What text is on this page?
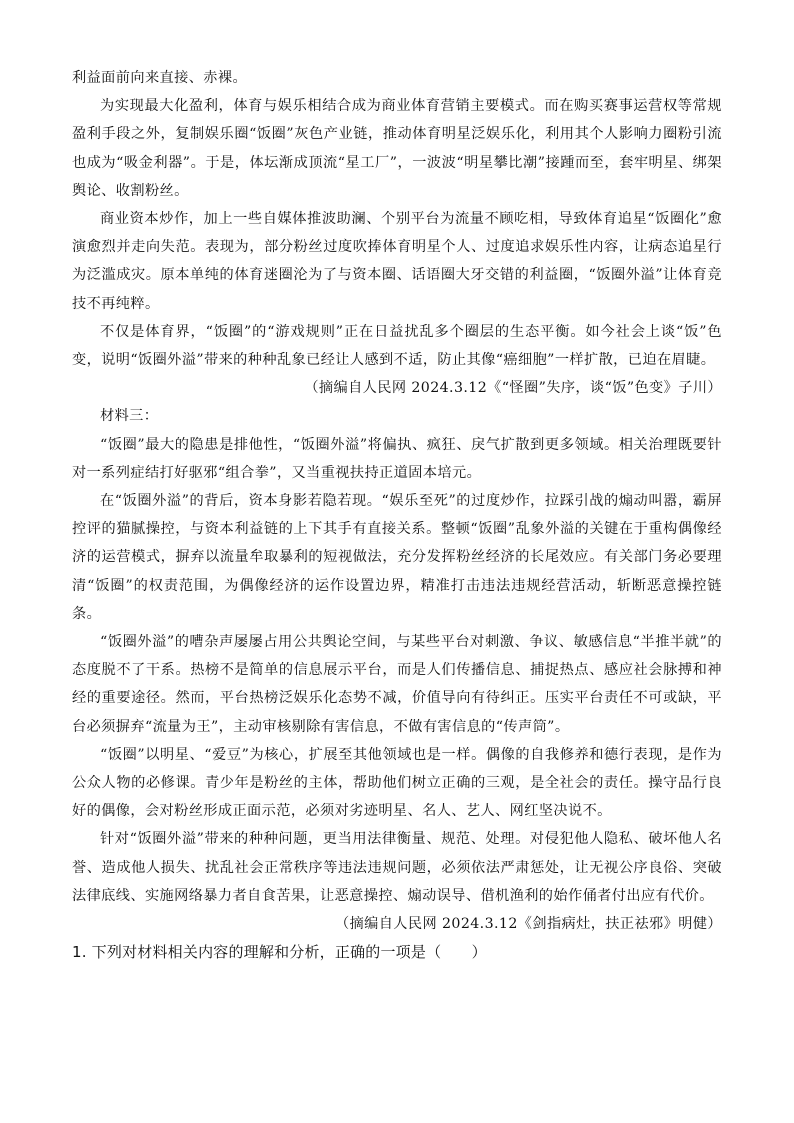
利益面前向来直接、赤裸。

为实现最大化盈利，体育与娱乐相结合成为商业体育营销主要模式。而在购买赛事运营权等常规盈利手段之外，复制娱乐圈“饭圈”灰色产业链，推动体育明星泛娱乐化，利用其个人影响力圈粉引流也成为“吸金利器”。于是，体坛渐成顶流“星工厂”，一波波“明星攀比潮”接踵而至，套牢明星、绑架舆论、收割粉丝。

商业资本炒作，加上一些自媒体推波助澜、个别平台为流量不顾吃相，导致体育追星“饭圈化”愈演愈烈并走向失范。表现为，部分粉丝过度吹捧体育明星个人、过度追求娱乐性内容，让病态追星行为泛滥成灾。原本单纯的体育迷圈沦为了与资本圈、话语圈大牙交错的利益圈，“饭圈外溢”让体育竞技不再纯粹。

不仅是体育界，“饭圈”的“游戏规则”正在日益扰乱多个圈层的生态平衡。如今社会上谈“饭”色变，说明“饭圈外溢”带来的种种乱象已经让人感到不适，防止其像“癌细胞”一样扩散，已迫在眉睫。

（摘编自人民网 2024.3.12《“怪圈”失序，谈“饭”色变》子川）

材料三：

“饭圈”最大的隐患是排他性，“饭圈外溢”将偏执、疯狂、戾气扩散到更多领域。相关治理既要针对一系列症结打好驱邪“组合拳”，又当重视扶持正道固本培元。

在“饭圈外溢”的背后，资本身影若隐若现。“娱乐至死”的过度炒作，拉踩引战的煽动叫嚣，霸屏控评的猫腻操控，与资本利益链的上下其手有直接关系。整顿“饭圈”乱象外溢的关键在于重构偶像经济的运营模式，摒弃以流量牟取暴利的短视做法，充分发挥粉丝经济的长尾效应。有关部门务必要理清“饭圈”的权责范围，为偶像经济的运作设置边界，精准打击违法违规经营活动，斩断恶意操控链条。

“饭圈外溢”的嘈杂声屡屡占用公共舆论空间，与某些平台对刺激、争议、敏感信息“半推半就”的态度脱不了干系。热榜不是简单的信息展示平台，而是人们传播信息、捕捉热点、感应社会脉搏和神经的重要途径。然而，平台热榜泛娱乐化态势不减，价值导向有待纠正。压实平台责任不可或缺，平台必须摒弃“流量为王”，主动审核剔除有害信息，不做有害信息的“传声筒”。

“饭圈”以明星、“爱豆”为核心，扩展至其他领域也是一样。偶像的自我修养和德行表现，是作为公众人物的必修课。青少年是粉丝的主体，帮助他们树立正确的三观，是全社会的责任。操守品行良好的偶像，会对粉丝形成正面示范，必须对劣迹明星、名人、艺人、网红坚决说不。

针对“饭圈外溢”带来的种种问题，更当用法律衡量、规范、处理。对侵犯他人隐私、破坏他人名誉、造成他人损失、扰乱社会正常秩序等违法违规问题，必须依法严肃惩处，让无视公序良俗、突破法律底线、实施网络暴力者自食苦果，让恶意操控、煽动误导、借机渔利的始作俑者付出应有代价。

（摘编自人民网 2024.3.12《剑指病灶，扶正祛邪》明健）

1. 下列对材料相关内容的理解和分析，正确的一项是（　　）
